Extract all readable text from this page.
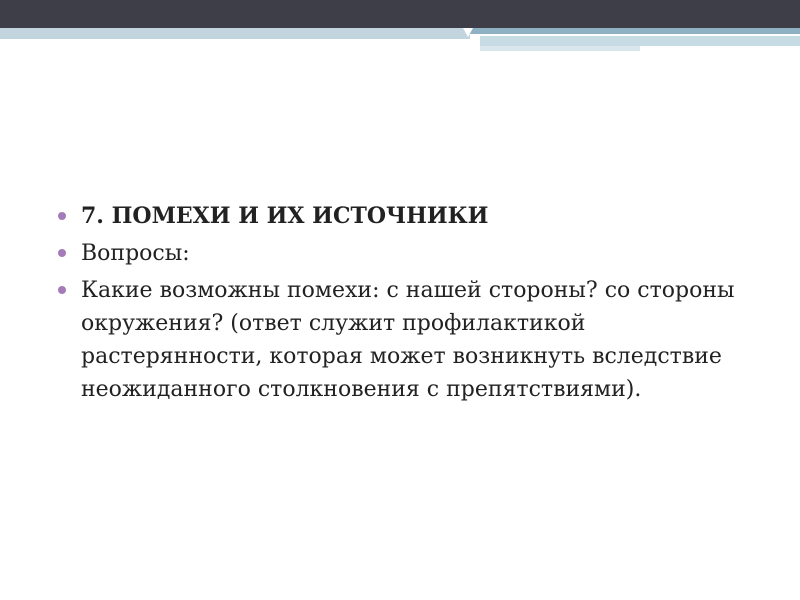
7. ПОМЕХИ И ИХ ИСТОЧНИКИ
Вопросы:
Какие возможны помехи: с нашей стороны? со стороны окружения? (ответ служит профилактикой растерянности, которая может возникнуть вследствие неожиданного столкновения с препятствиями).
